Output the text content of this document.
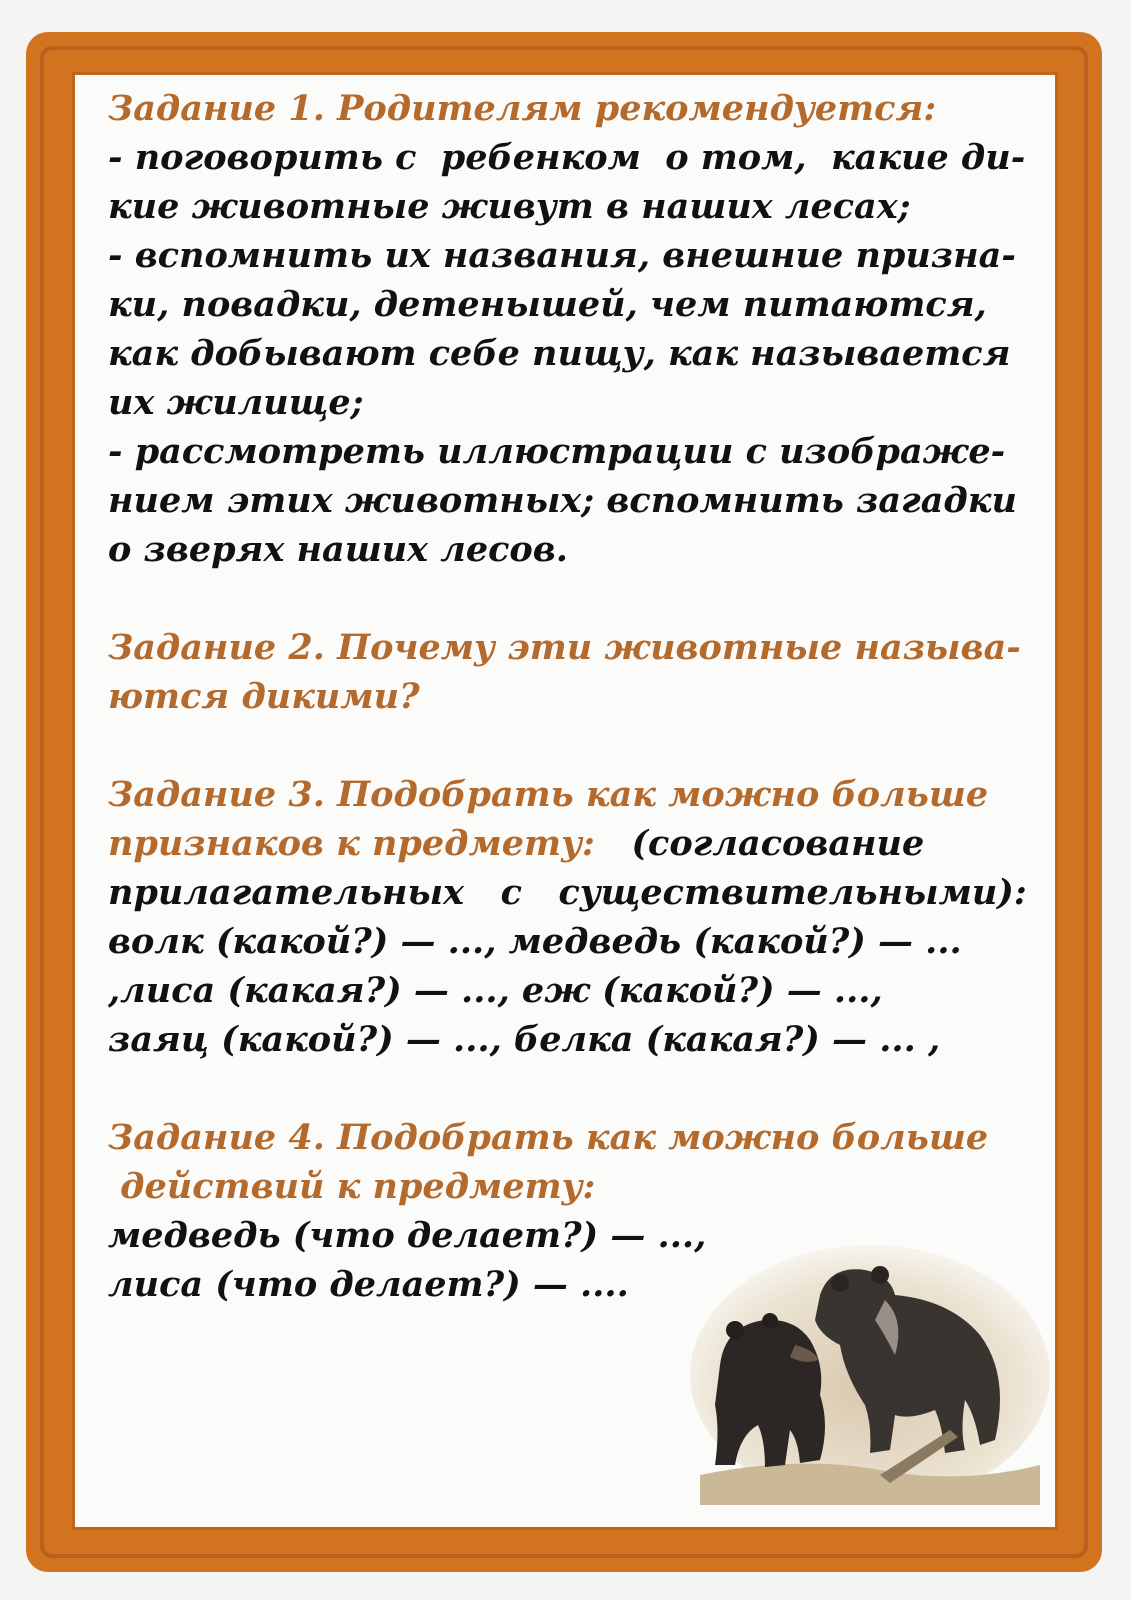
Задание 1. Родителям рекомендуется:
- поговорить с  ребенком  о том,  какие ди-
кие животные живут в наших лесах;
- вспомнить их названия, внешние призна-
ки, повадки, детенышей, чем питаются,
как добывают себе пищу, как называется
их жилище;
- рассмотреть иллюстрации с изображе-
нием этих животных; вспомнить загадки
о зверях наших лесов.
Задание 2. Почему эти животные называ-
ются дикими?
Задание 3. Подобрать как можно больше
признаков к предмету:   (согласование
прилагательных   с   существительными):
волк (какой?) — ..., медведь (какой?) — ...
,лиса (какая?) — ..., еж (какой?) — ...,
заяц (какой?) — ..., белка (какая?) — ... ,
Задание 4. Подобрать как можно больше
действий к предмету:
медведь (что делает?) — ...,
лиса (что делает?) — ....
